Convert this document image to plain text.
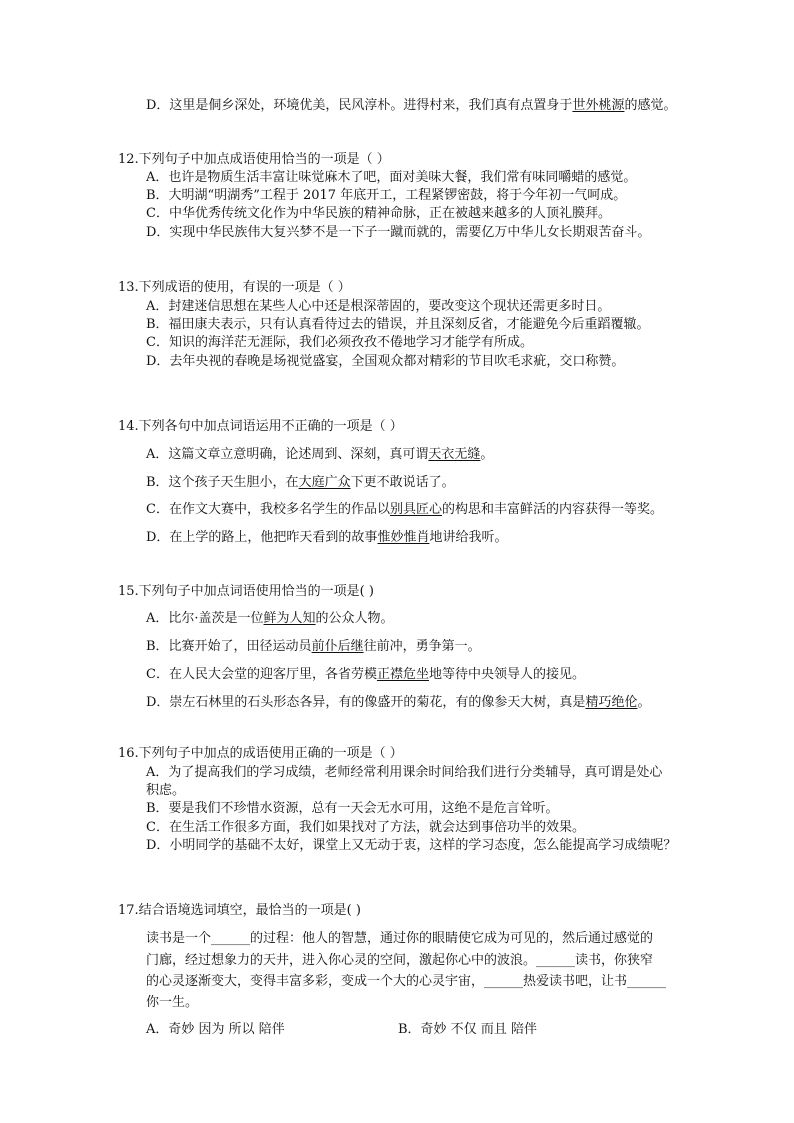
D．这里是侗乡深处，环境优美，民风淳朴。进得村来，我们真有点置身于世外桃源的感觉。
12.下列句子中加点成语使用恰当的一项是（ ）
A．也许是物质生活丰富让味觉麻木了吧，面对美味大餐，我们常有味同嚼蜡的感觉。
B．大明湖“明湖秀”工程于 2017 年底开工，工程紧锣密鼓，将于今年初一气呵成。
C．中华优秀传统文化作为中华民族的精神命脉，正在被越来越多的人顶礼膜拜。
D．实现中华民族伟大复兴梦不是一下子一蹴而就的，需要亿万中华儿女长期艰苦奋斗。
13.下列成语的使用，有误的一项是（ ）
A．封建迷信思想在某些人心中还是根深蒂固的，要改变这个现状还需更多时日。
B．福田康夫表示，只有认真看待过去的错误，并且深刻反省，才能避免今后重蹈覆辙。
C．知识的海洋茫无涯际，我们必须孜孜不倦地学习才能学有所成。
D．去年央视的春晚是场视觉盛宴，全国观众都对精彩的节目吹毛求疵，交口称赞。
14.下列各句中加点词语运用不正确的一项是（ ）
A．这篇文章立意明确，论述周到、深刻，真可谓天衣无缝。
B．这个孩子天生胆小，在大庭广众下更不敢说话了。
C．在作文大赛中，我校多名学生的作品以别具匠心的构思和丰富鲜活的内容获得一等奖。
D．在上学的路上，他把昨天看到的故事惟妙惟肖地讲给我听。
15.下列句子中加点词语使用恰当的一项是( )
A．比尔·盖茨是一位鲜为人知的公众人物。
B．比赛开始了，田径运动员前仆后继往前冲，勇争第一。
C．在人民大会堂的迎客厅里，各省劳模正襟危坐地等待中央领导人的接见。
D．崇左石林里的石头形态各异，有的像盛开的菊花，有的像参天大树，真是精巧绝伦。
16.下列句子中加点的成语使用正确的一项是（ ）
A．为了提高我们的学习成绩，老师经常利用课余时间给我们进行分类辅导，真可谓是处心
积虑。
B．要是我们不珍惜水资源，总有一天会无水可用，这绝不是危言耸听。
C．在生活工作很多方面，我们如果找对了方法，就会达到事倍功半的效果。
D．小明同学的基础不太好，课堂上又无动于衷，这样的学习态度，怎么能提高学习成绩呢？
17.结合语境选词填空，最恰当的一项是( )
读书是一个______的过程：他人的智慧，通过你的眼睛使它成为可见的，然后通过感觉的
门廊，经过想象力的天井，进入你心灵的空间，激起你心中的波浪。______读书，你狭窄
的心灵逐渐变大，变得丰富多彩，变成一个大的心灵宇宙，______热爱读书吧，让书______
你一生。
A．奇妙 因为 所以 陪伴	B．奇妙 不仅 而且 陪伴
